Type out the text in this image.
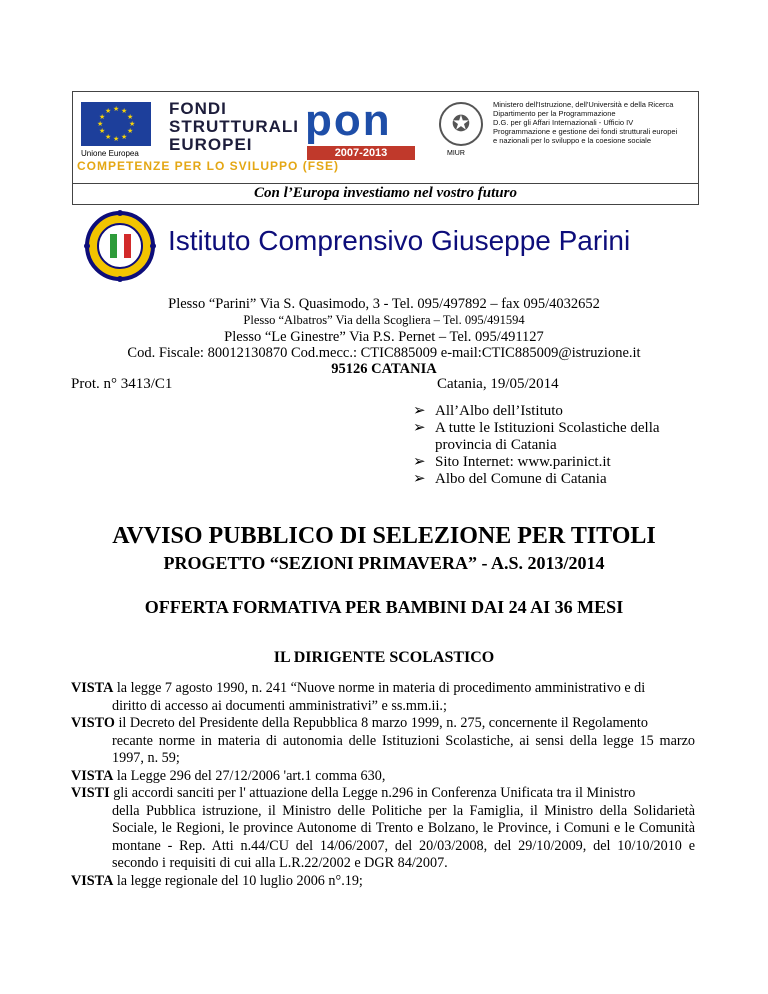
★ ★
★
★
★
★
★
★
★
★
★
★
Unione Europea
FONDI
STRUTTURALI
EUROPEI	pon
2007-2013
✪
MIUR
Ministero dell'Istruzione, dell'Università e della Ricerca
Dipartimento per la Programmazione
D.G. per gli Affari Internazionali - Ufficio IV
Programmazione e gestione dei fondi strutturali europei
e nazionali per lo sviluppo e la coesione sociale
COMPETENZE PER LO SVILUPPO (FSE)
Con l’Europa investiamo nel vostro futuro
Istituto Comprensivo Giuseppe Parini
Plesso “Parini” Via S. Quasimodo, 3 - Tel. 095/497892 – fax 095/4032652
Plesso “Albatros” Via della Scogliera – Tel. 095/491594
Plesso “Le Ginestre” Via P.S. Pernet – Tel. 095/491127
Cod. Fiscale: 80012130870 Cod.mecc.: CTIC885009 e-mail:CTIC885009@istruzione.it
95126 CATANIA
Prot. n° 3413/C1	Catania, 19/05/2014
➢ All’Albo dell’Istituto
➢ A tutte le Istituzioni Scolastiche della provincia di Catania
➢ Sito Internet: www.parinict.it
➢ Albo del Comune di Catania
AVVISO PUBBLICO DI SELEZIONE PER TITOLI
PROGETTO “SEZIONI PRIMAVERA” - A.S. 2013/2014
OFFERTA FORMATIVA PER BAMBINI DAI 24 AI 36 MESI
IL DIRIGENTE SCOLASTICO
VISTA la legge 7 agosto 1990, n. 241 “Nuove norme in materia di procedimento amministrativo e di
diritto di accesso ai documenti amministrativi” e ss.mm.ii.;
VISTO il Decreto del Presidente della Repubblica 8 marzo 1999, n. 275, concernente il Regolamento
recante norme in materia di autonomia delle Istituzioni Scolastiche, ai sensi della legge 15 marzo 1997, n. 59;
VISTA la Legge 296 del 27/12/2006 'art.1 comma 630,
VISTI gli accordi sanciti per l' attuazione della Legge n.296 in Conferenza Unificata tra il Ministro
della Pubblica istruzione, il Ministro delle Politiche per la Famiglia, il Ministro della Solidarietà Sociale, le Regioni, le province Autonome di Trento e Bolzano, le Province, i Comuni e le Comunità montane - Rep. Atti n.44/CU del 14/06/2007, del 20/03/2008, del 29/10/2009, del 10/10/2010 e secondo i requisiti di cui alla L.R.22/2002 e DGR 84/2007.
VISTA la legge regionale del 10 luglio 2006 n°.19;
